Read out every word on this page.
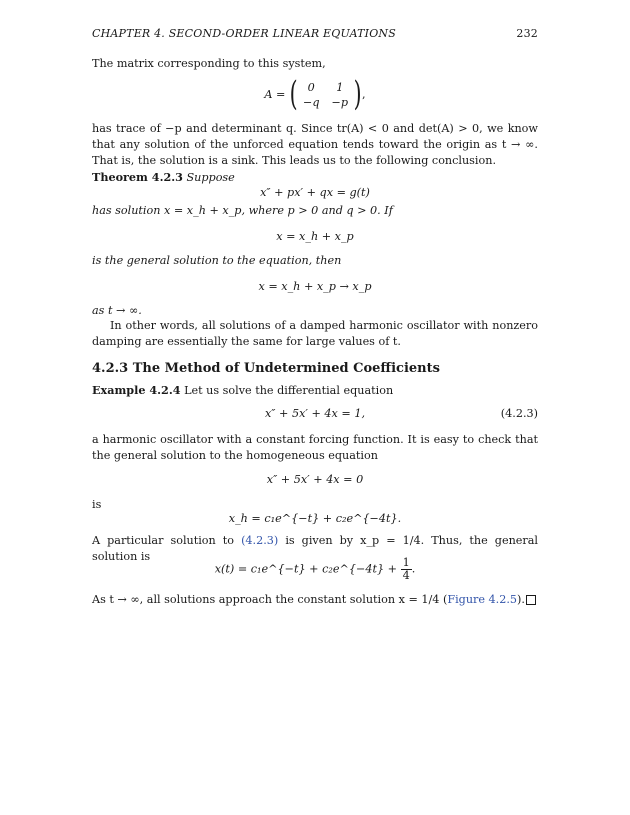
CHAPTER 4. SECOND-ORDER LINEAR EQUATIONS	232

The matrix corresponding to this system,

A = ( 0	1
−q	−p ) ,

has trace of −p and determinant q. Since tr(A) < 0 and det(A) > 0, we know that any solution of the unforced equation tends toward the origin as t → ∞. That is, the solution is a sink. This leads us to the following conclusion.

Theorem 4.2.3 Suppose
x″ + px′ + qx = g(t)

has solution x = x_h + x_p, where p > 0 and q > 0. If

x = x_h + x_p

is the general solution to the equation, then

x = x_h + x_p → x_p

as t → ∞.

In other words, all solutions of a damped harmonic oscillator with nonzero damping are essentially the same for large values of t.

4.2.3 The Method of Undetermined Coefficients
Example 4.2.4 Let us solve the differential equation
x″ + 5x′ + 4x = 1,	(4.2.3)

a harmonic oscillator with a constant forcing function. It is easy to check that the general solution to the homogeneous equation

x″ + 5x′ + 4x = 0

is

x_h = c₁e^{−t} + c₂e^{−4t}.

A particular solution to (4.2.3) is given by x_p = 1/4. Thus, the general solution is

x(t) = c₁e^{−t} + c₂e^{−4t} + $\frac{1}{4}$ .

As t → ∞, all solutions approach the constant solution x = 1/4 (Figure 4.2.5).
